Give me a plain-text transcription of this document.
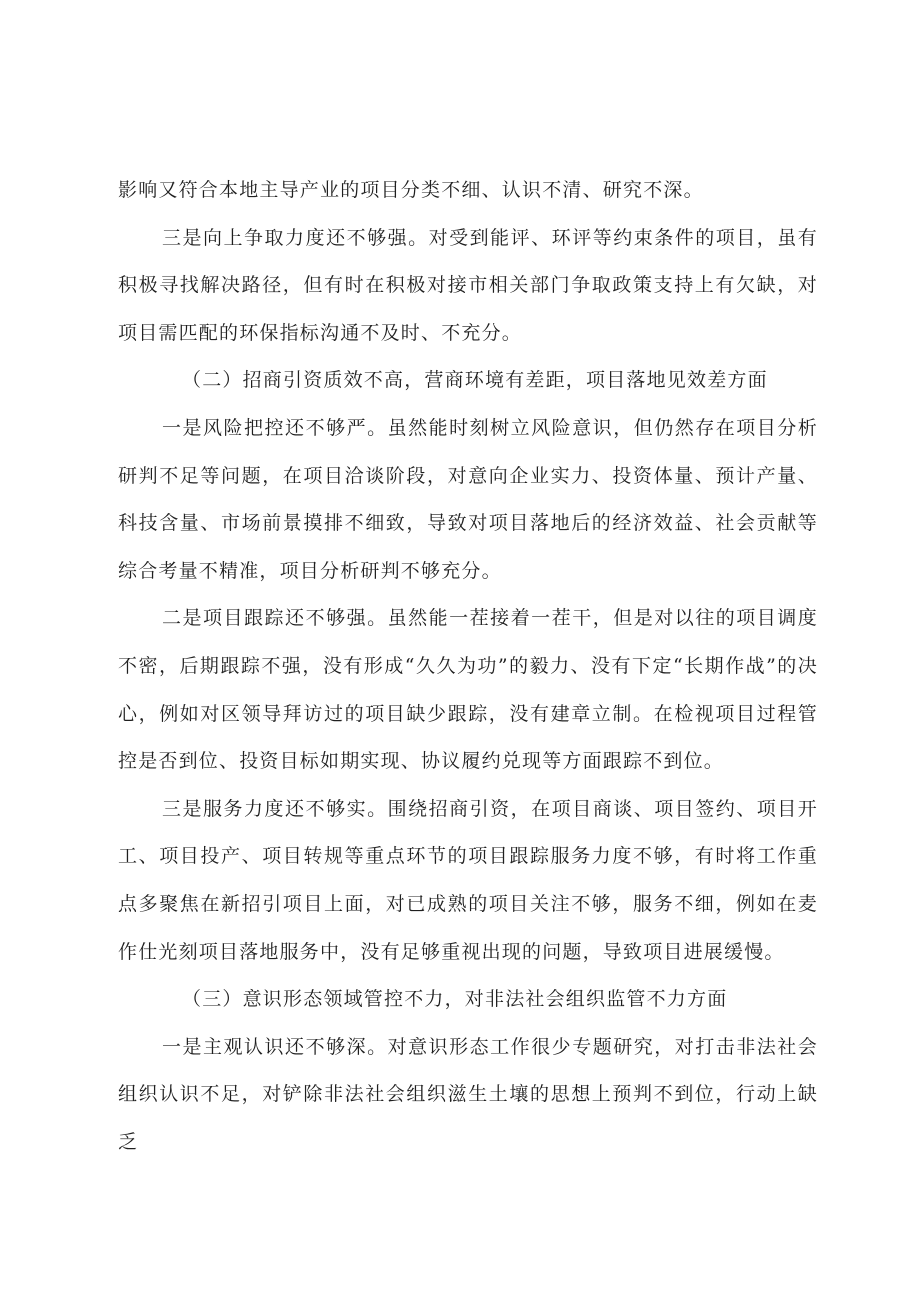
影响又符合本地主导产业的项目分类不细、认识不清、研究不深。

三是向上争取力度还不够强。对受到能评、环评等约束条件的项目，虽有积极寻找解决路径，但有时在积极对接市相关部门争取政策支持上有欠缺，对项目需匹配的环保指标沟通不及时、不充分。

（二）招商引资质效不高，营商环境有差距，项目落地见效差方面

一是风险把控还不够严。虽然能时刻树立风险意识，但仍然存在项目分析研判不足等问题，在项目洽谈阶段，对意向企业实力、投资体量、预计产量、科技含量、市场前景摸排不细致，导致对项目落地后的经济效益、社会贡献等综合考量不精准，项目分析研判不够充分。

二是项目跟踪还不够强。虽然能一茬接着一茬干，但是对以往的项目调度不密，后期跟踪不强，没有形成“久久为功”的毅力、没有下定“长期作战”的决心，例如对区领导拜访过的项目缺少跟踪，没有建章立制。在检视项目过程管控是否到位、投资目标如期实现、协议履约兑现等方面跟踪不到位。

三是服务力度还不够实。围绕招商引资，在项目商谈、项目签约、项目开工、项目投产、项目转规等重点环节的项目跟踪服务力度不够，有时将工作重点多聚焦在新招引项目上面，对已成熟的项目关注不够，服务不细，例如在麦作仕光刻项目落地服务中，没有足够重视出现的问题，导致项目进展缓慢。

（三）意识形态领域管控不力，对非法社会组织监管不力方面

一是主观认识还不够深。对意识形态工作很少专题研究，对打击非法社会组织认识不足，对铲除非法社会组织滋生土壤的思想上预判不到位，行动上缺乏
